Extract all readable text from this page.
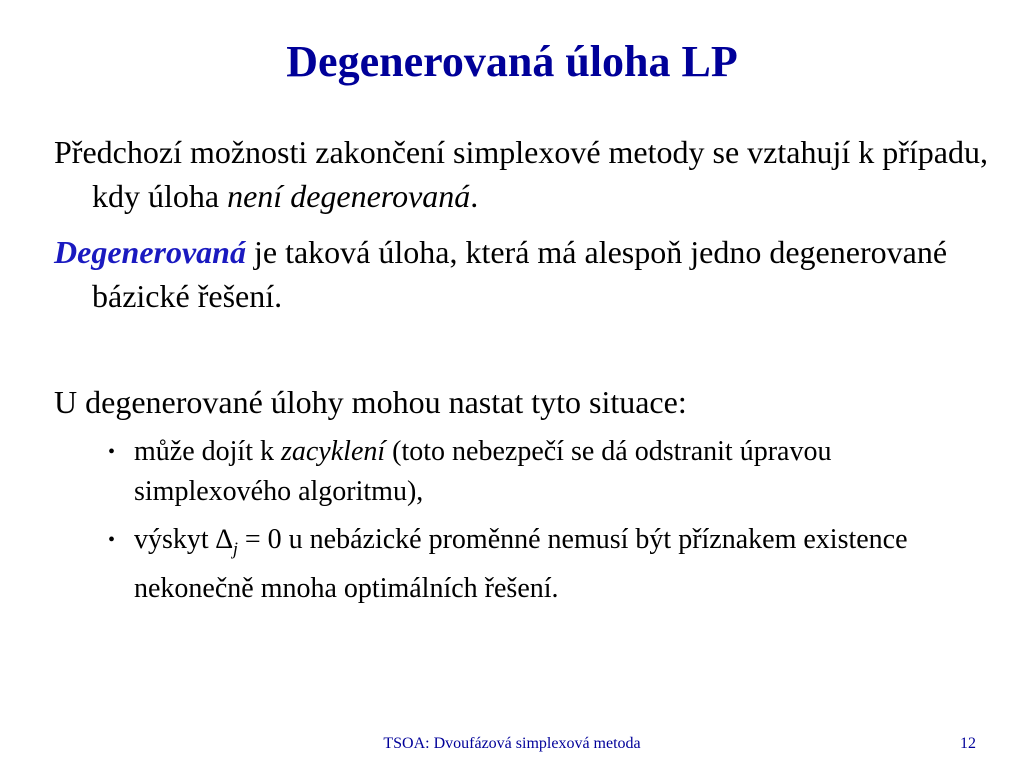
Degenerovaná úloha LP
Předchozí možnosti zakončení simplexové metody se vztahují k případu, kdy úloha není degenerovaná.
Degenerovaná je taková úloha, která má alespoň jedno degenerované bázické řešení.
U degenerované úlohy mohou nastat tyto situace:
• může dojít k zacyklení (toto nebezpečí se dá odstranit úpravou simplexového algoritmu),
• výskyt $\Delta_j = 0$ u nebázické proměnné nemusí být příznakem existence nekonečně mnoha optimálních řešení.
TSOA: Dvoufázová simplexová metoda	12
